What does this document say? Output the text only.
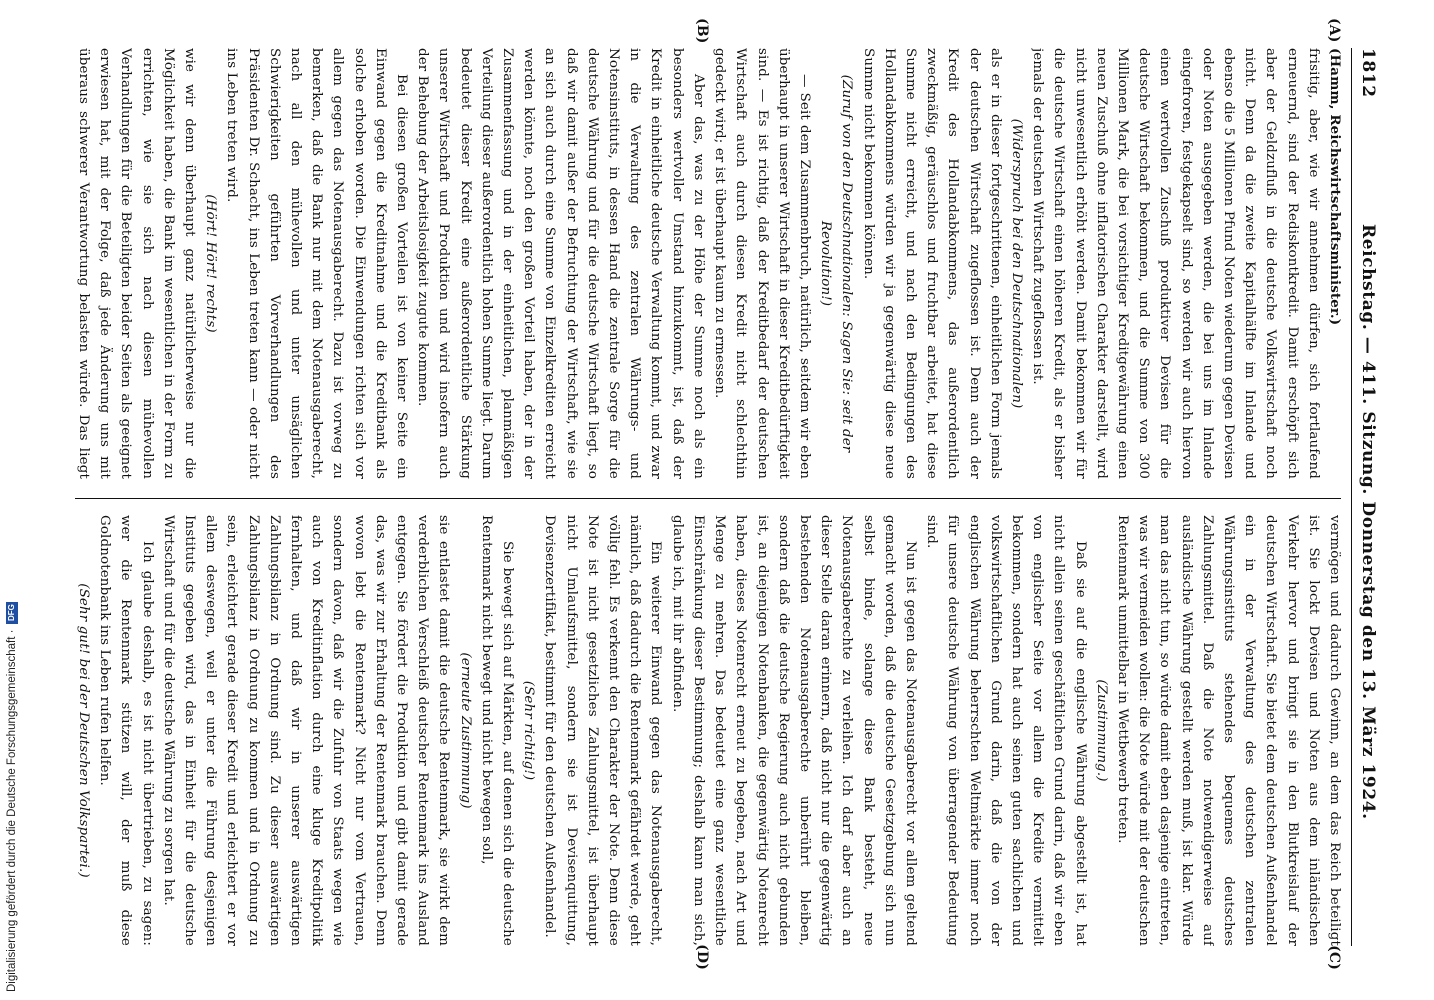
1812
Reichstag. — 411. Sitzung. Donnerstag den 13. März 1924.

(Hamm, Reichswirtschaftsminister.)

frisitig, aber, wie wir annehmen dürfen, sich fortlaufend erneuernd, sind der Rediskontkredit. Damit erschöpft sich aber der Geldzufluß in die deutsche Volkswirtschaft noch nicht. Denn da die zweite Kapitalhälfte im Inlande und ebenso die 5 Millionen Pfund Noten wiederum gegen Devisen oder Noten ausgegeben werden, die bei uns im Inlande eingefroren, festgekapselt sind, so werden wir auch hiervon einen wertvollen Zuschuß produktiver Devisen für die deutsche Wirtschaft bekommen, und die Summe von 300 Millionen Mark, die bei vorsichtiger Kreditgewährung einen neuen Zuschuß ohne inflatorischen Charakter darstellt, wird nicht unwesentlich erhöht werden. Damit bekommen wir für die deutsche Wirtschaft einen höheren Kredit, als er bisher jemals der deutschen Wirtschaft zugeflossen ist.

(Widerspruch bei den Deutschnationalen)

als er in dieser fortgeschrittenen, einheitlichen Form jemals der deutschen Wirtschaft zugeflossen ist. Denn auch der Kredit des Hollandabkommens, das außerordentlich zweckmäßig, geräuschlos und fruchtbar arbeitet, hat diese Summe nicht erreicht, und nach den Bedingungen des Hollandabkommens würden wir ja gegenwärtig diese neue Summe nicht bekommen können.

(Zuruf von den Deutschnationalen: Sagen Sie: seit der Revolution!)

— Seit dem Zusammenbruch, natürlich, seitdem wir eben überhaupt in unserer Wirtschaft in dieser Kreditbedürftigkeit sind. — Es ist richtig, daß der Kreditbedarf der deutschen Wirtschaft auch durch diesen Kredit nicht schlechthin gedeckt wird; er ist überhaupt kaum zu ermessen.

Aber das, was zu der Höhe der Summe noch als ein besonders wertvoller Umstand hinzukommt, ist, daß der Kredit in einheitliche deutsche Verwaltung kommt, und zwar in die Verwaltung des zentralen Währungs- und Notensinstituts, in dessen Hand die zentrale Sorge für die deutsche Währung und für die deutsche Wirtschaft liegt, so daß wir damit außer der Befruchtung der Wirtschaft, wie sie an sich auch durch eine Summe von Einzelkrediten erreicht werden könnte, noch den großen Vorteil haben, der in der Zusammenfassung und in der einheitlichen, planmäßigen Verteilung dieser außerordentlich hohen Summe liegt. Darum bedeutet dieser Kredit eine außerordentliche Stärkung unserer Wirtschaft und Produktion und wird insofern auch der Behebung der Arbeitslosigkeit zugute kommen.

Bei diesen großen Vorteilen ist von keiner Seite ein Einwand gegen die Kreditnahme und die Kreditbank als solche erhoben worden. Die Einwendungen richten sich vor allem gegen das Notenausgaberecht. Dazu ist vorweg zu bemerken, daß die Bank nur mit dem Notenausgaberecht, nach all den mühevollen und unter unsäglichen Schwierigkeiten geführten Vorverhandlungen des Präsidenten Dr. Schacht, ins Leben treten kann — oder nicht ins Leben treten wird.

(Hört! Hört! rechts)

wie wir denn überhaupt ganz natürlicherweise nur die Möglichkeit haben, die Bank im wesentlichen in der Form zu errichten, wie sie sich nach diesen mühevollen Verhandlungen für die Beteiligten beider Seiten als geeignet erwiesen hat, mit der Folge, daß jede Änderung uns mit überaus schwerer Verantwortung belasten würde. Das liegt

vermögen und dadurch Gewinn, an dem das Reich beteiligt ist. Sie lockt Devisen und Noten aus dem inländischen Verkehr hervor und bringt sie in den Blutkreislauf der deutschen Wirtschaft. Sie bietet dem deutschen Außenhandel ein in der Verwaltung des deutschen zentralen Währungsinstituts stehendes bequemes deutsches Zahlungsmittel. Daß die Note notwendigerweise auf ausländische Währung gestellt werden muß, ist klar. Würde man das nicht tun, so würde damit eben dasjenige eintreten, was wir vermeiden wollen: die Note würde mit der deutschen Rentenmark unmittelbar in Wettbewerb treten.

(Zustimmung.)

Daß sie auf die englische Währung abgestellt ist, hat nicht allein seinen geschäftlichen Grund darin, daß wir eben von englischer Seite vor allem die Kredite vermittelt bekommen, sondern hat auch seinen guten sachlichen und volkswirtschaftlichen Grund darin, daß die von der englischen Währung beherrschten Weltmärkte immer noch für unsere deutsche Währung von überragender Bedeutung sind.

Nun ist gegen das Notenausgaberecht vor allem geltend gemacht worden, daß die deutsche Gesetzgebung sich nun selbst binde, solange diese Bank besteht, neue Notenausgaberechte zu verleihen. Ich darf aber auch an dieser Stelle daran erinnern, daß nicht nur die gegenwärtig bestehenden Notenausgaberechte unberührt bleiben, sondern daß die deutsche Regierung auch nicht gebunden ist, an diejenigen Notenbanken, die gegenwärtig Notenrecht haben, dieses Notenrecht erneut zu begeben, nach Art und Menge zu mehren. Das bedeutet eine ganz wesentliche Einschränkung dieser Bestimmung; deshalb kann man sich, glaube ich, mit ihr abfinden.

Ein weiterer Einwand gegen das Notenausgaberecht, nämlich, daß dadurch die Rentenmark gefährdet werde, geht völlig fehl. Es verkennt den Charakter der Note. Denn diese Note ist nicht gesetzliches Zahlungsmittel, ist überhaupt nicht Umlaufsmittel, sondern sie ist Devisenquittung, Devisenzertifikat, bestimmt für den deutschen Außenhandel.

(Sehr richtig!)

Sie bewegt sich auf Märkten, auf denen sich die deutsche Rentenmark nicht bewegt und nicht bewegen soll,

(erneute Zustimmung)

sie entlastet damit die deutsche Rentenmark, sie wirkt dem verderblichen Verschleiß deutscher Rentenmark ins Ausland entgegen. Sie fördert die Produktion und gibt damit gerade das, was wir zur Erhaltung der Rentenmark brauchen. Denn wovon lebt die Rentenmark? Nicht nur vom Vertrauen, sondern davon, daß wir die Zufuhr von Staats wegen wie auch von Kreditinflation durch eine kluge Kreditpolitik fernhalten, und daß wir in unserer auswärtigen Zahlungsbilanz in Ordnung sind. Zu dieser auswärtigen Zahlungsbilanz in Ordnung zu kommen und in Ordnung zu sein, erleichtert gerade dieser Kredit und erleichtert er vor allem deswegen, weil er unter die Führung desjenigen Instituts gegeben wird, das in Einheit für die deutsche Wirtschaft und für die deutsche Währung zu sorgen hat.

Ich glaube deshalb, es ist nicht übertrieben, zu sagen: wer die Rentenmark stützen will, der muß diese Goldnotenbank ins Leben rufen helfen.

(Sehr gut! bei der Deutschen Volkspartei.)

(A)
(B)
(C)
(D)
Digitalisierung gefördert durch die Deutsche Forschungsgemeinschaft ·
DFG
